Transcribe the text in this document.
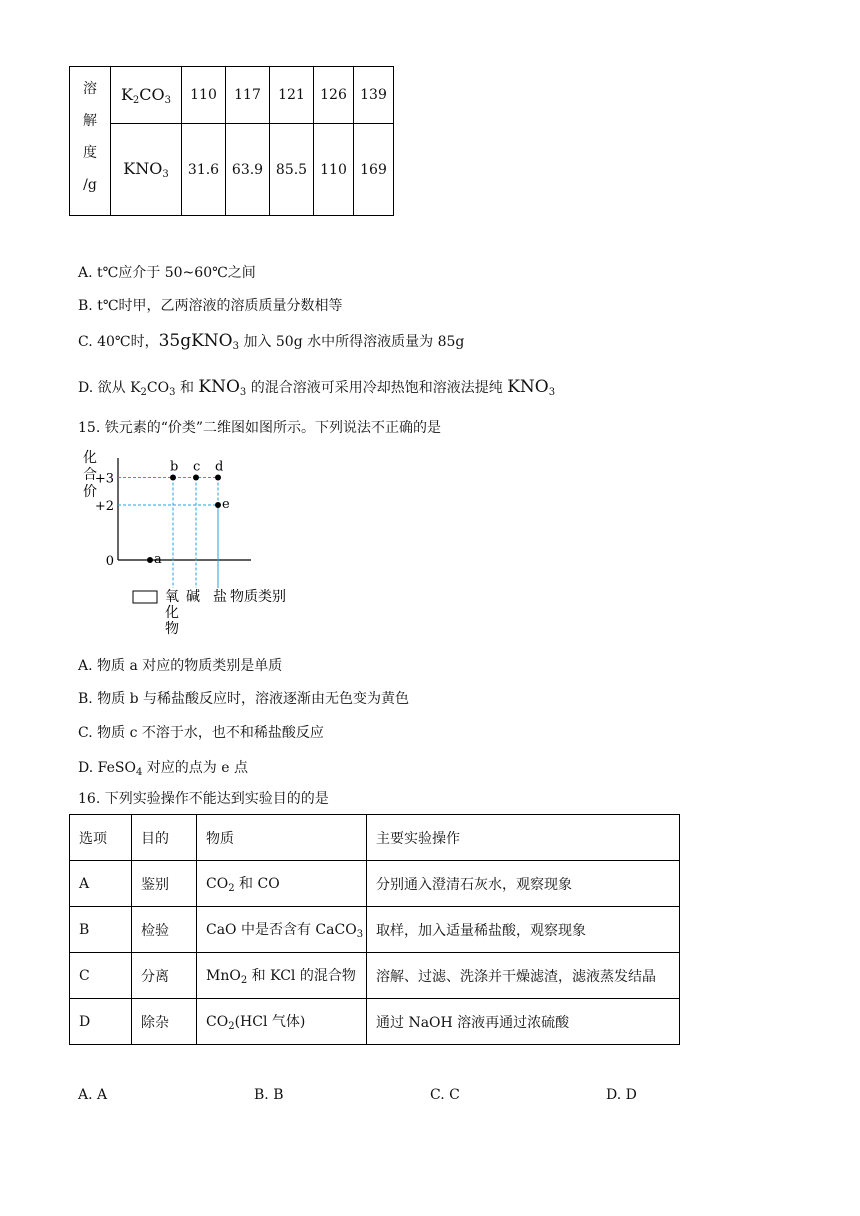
溶
解
度
/g	$K_2CO_3$	110	117	121	126	139
	$KNO_3$	31.6	63.9	85.5	110	169
A. t℃应介于 50~60℃之间
B. t℃时甲，乙两溶液的溶质质量分数相等
C. 40℃时，35gKNO$_3$ 加入 50g 水中所得溶液质量为 85g
D. 欲从 $K_2CO_3$ 和 $KNO_3$ 的混合溶液可采用冷却热饱和溶液法提纯 $KNO_3$
15. 铁元素的“价类”二维图如图所示。下列说法不正确的是
化
合
价
+3
+2
0	a
b c d
e
氧
化
物
碱 盐 物质类别
A. 物质 a 对应的物质类别是单质
B. 物质 b 与稀盐酸反应时，溶液逐渐由无色变为黄色
C. 物质 c 不溶于水，也不和稀盐酸反应
D. FeSO$_4$ 对应的点为 e 点
16. 下列实验操作不能达到实验目的的是
选项	目的	物质	主要实验操作
A	鉴别	$CO_2$ 和 CO	分别通入澄清石灰水，观察现象
B	检验	CaO 中是否含有 CaCO$_3$	取样，加入适量稀盐酸，观察现象
C	分离	MnO$_2$ 和 KCl 的混合物	溶解、过滤、洗涤并干燥滤渣，滤液蒸发结晶
D	除杂	$CO_2(HCl$ 气体)	通过 NaOH 溶液再通过浓硫酸
A. A	B. B	C. C	D. D
